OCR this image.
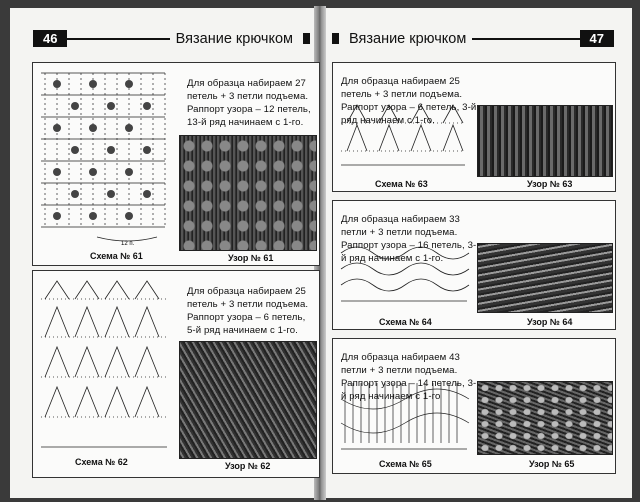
46	Вязание крючком	Вязание крючком	47
12 п.
Для образца набираем 27 петель + 3 петли подъема. Раппорт узора – 12 петель, 13-й ряд начинаем с 1-го.
Схема № 61	Узор № 61
Для образца набираем 25 петель + 3 петли подъема. Раппорт узора – 6 петель, 5-й ряд начинаем с 1-го.
Схема № 62	Узор № 62
Для образца набираем 25 петель + 3 петли подъема. Раппорт узора – 6 петель, 3-й ряд начинаем с 1-го.
Схема № 63	Узор № 63
Для образца набираем 33 петли + 3 петли подъема. Раппорт узора – 16 петель, 3-й ряд начинаем с 1-го.
Схема № 64	Узор № 64
Для образца набираем 43 петли + 3 петли подъема. Раппорт узора – 14 петель, 3-й ряд начинаем с 1-го
Схема № 65	Узор № 65
